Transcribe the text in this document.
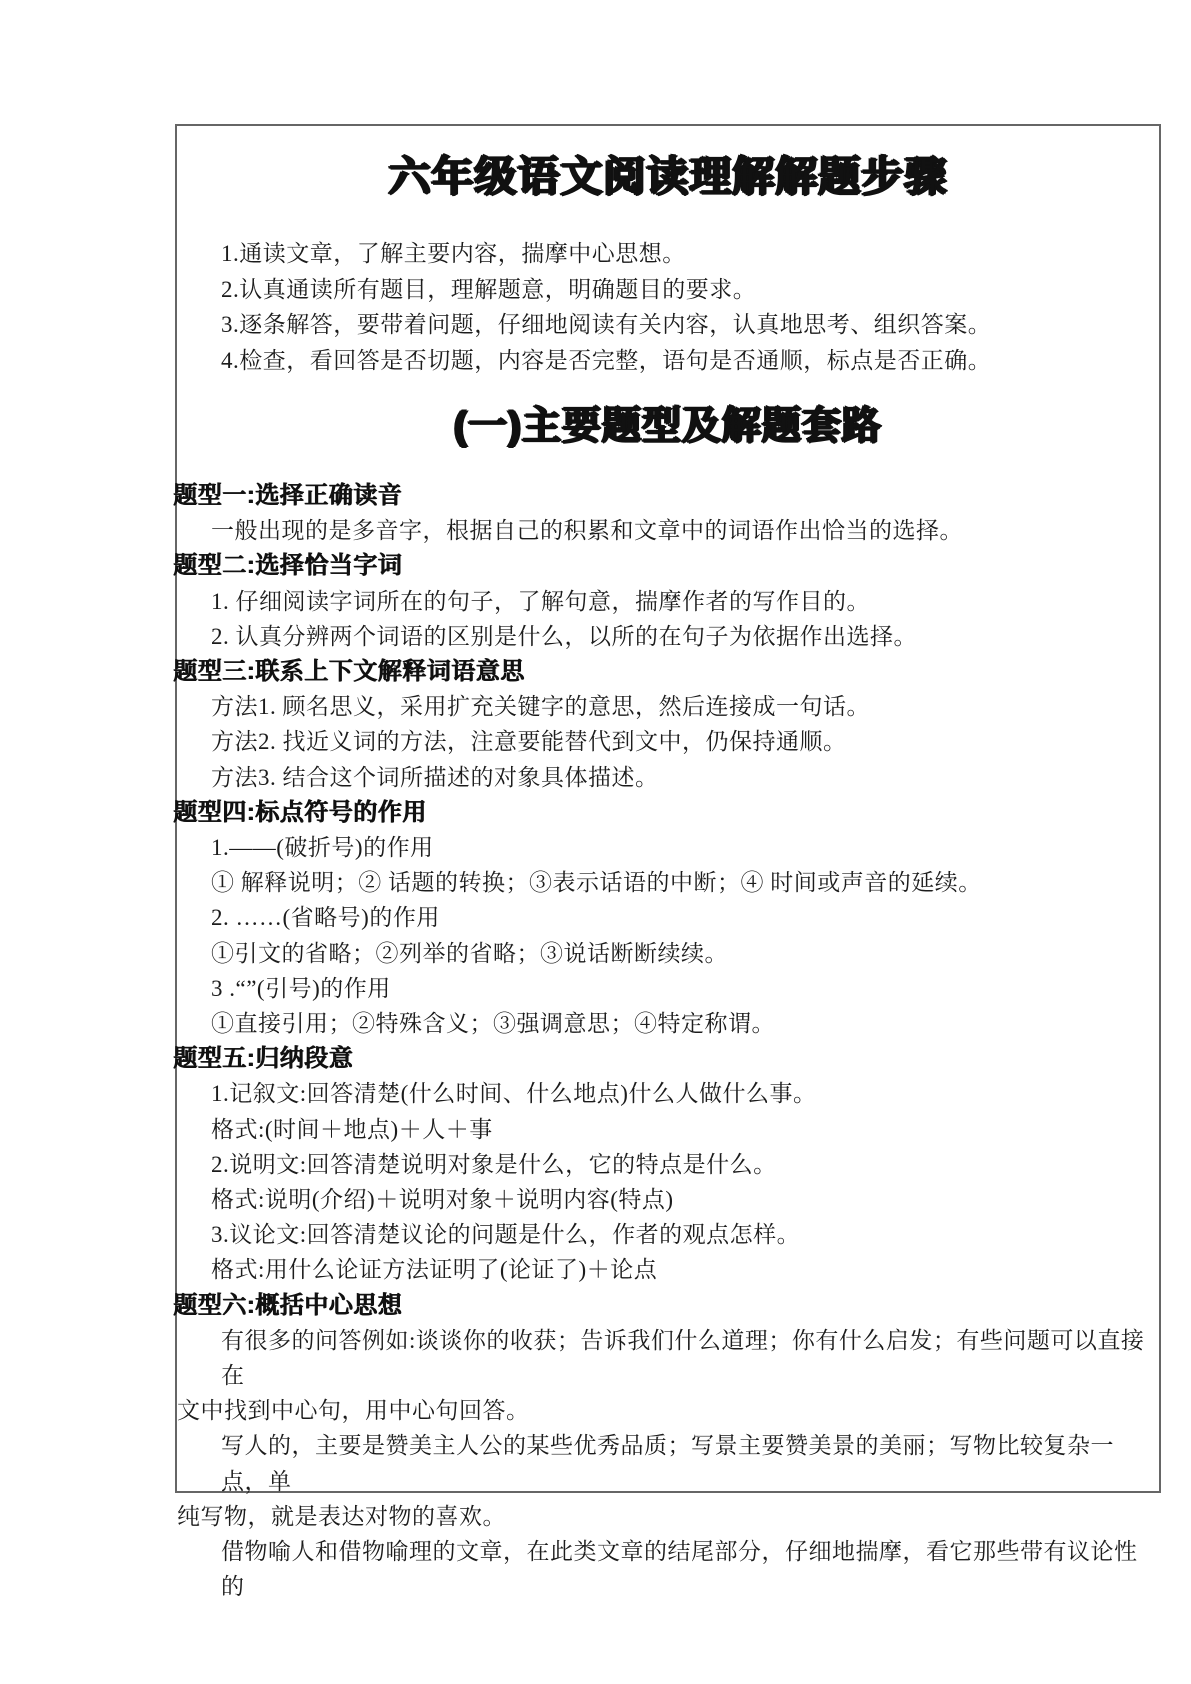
六年级语文阅读理解解题步骤
1.通读文章，了解主要内容，揣摩中心思想。
2.认真通读所有题目，理解题意，明确题目的要求。
3.逐条解答，要带着问题，仔细地阅读有关内容，认真地思考、组织答案。
4.检查，看回答是否切题，内容是否完整，语句是否通顺，标点是否正确。
(一)主要题型及解题套路
题型一:选择正确读音
一般出现的是多音字，根据自己的积累和文章中的词语作出恰当的选择。
题型二:选择恰当字词
1. 仔细阅读字词所在的句子，了解句意，揣摩作者的写作目的。
2. 认真分辨两个词语的区别是什么，以所的在句子为依据作出选择。
题型三:联系上下文解释词语意思
方法1. 顾名思义，采用扩充关键字的意思，然后连接成一句话。
方法2. 找近义词的方法，注意要能替代到文中，仍保持通顺。
方法3. 结合这个词所描述的对象具体描述。
题型四:标点符号的作用
1.——(破折号)的作用
① 解释说明；② 话题的转换；③表示话语的中断；④ 时间或声音的延续。
2. ……(省略号)的作用
①引文的省略；②列举的省略；③说话断断续续。
3 .“”(引号)的作用
①直接引用；②特殊含义；③强调意思；④特定称谓。
题型五:归纳段意
1.记叙文:回答清楚(什么时间、什么地点)什么人做什么事。
格式:(时间＋地点)＋人＋事
2.说明文:回答清楚说明对象是什么，它的特点是什么。
格式:说明(介绍)＋说明对象＋说明内容(特点)
3.议论文:回答清楚议论的问题是什么，作者的观点怎样。
格式:用什么论证方法证明了(论证了)＋论点
题型六:概括中心思想
有很多的问答例如:谈谈你的收获；告诉我们什么道理；你有什么启发；有些问题可以直接在
文中找到中心句，用中心句回答。
写人的，主要是赞美主人公的某些优秀品质；写景主要赞美景的美丽；写物比较复杂一点，单
纯写物，就是表达对物的喜欢。
借物喻人和借物喻理的文章，在此类文章的结尾部分，仔细地揣摩，看它那些带有议论性的
